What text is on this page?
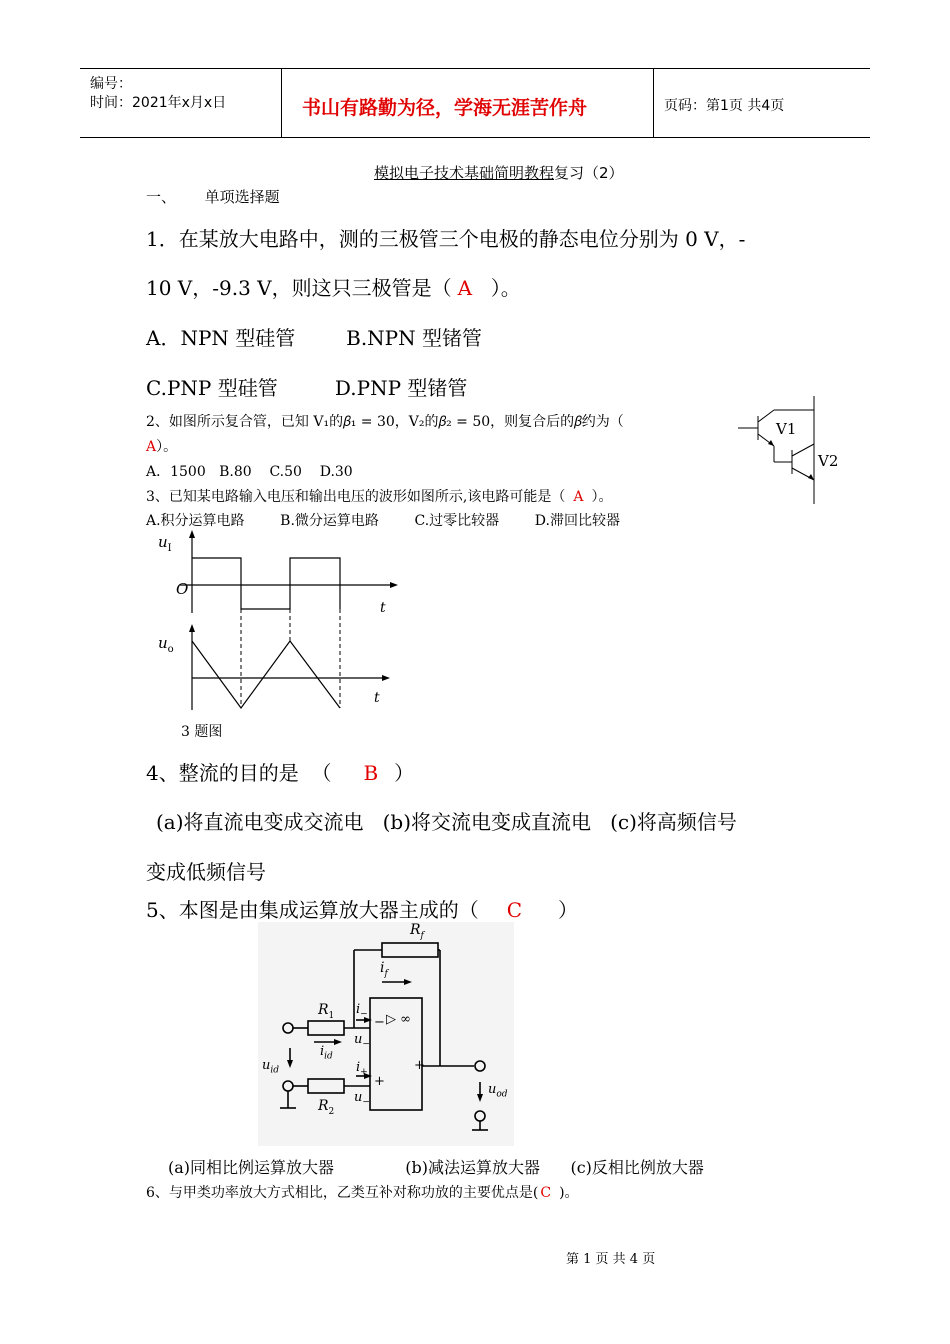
编号：
时间：2021年x月x日	书山有路勤为径，学海无涯苦作舟	页码：第1页 共4页
模拟电子技术基础简明教程复习（2）
一、      单项选择题
1．在某放大电路中，测的三极管三个电极的静态电位分别为 0 V，-
10 V，-9.3 V，则这只三极管是（ A  ）。
A．NPN 型硅管        B.NPN 型锗管
C.PNP 型硅管         D.PNP 型锗管
2、如图所示复合管，已知 V₁的𝛽₁ = 30，V₂的𝛽₂ = 50，则复合后的𝛽约为（
A）。
A．1500   B.80    C.50    D.30
V1
V2
3、已知某电路输入电压和输出电压的波形如图所示,该电路可能是（ A ）。
A.积分运算电路        B.微分运算电路        C.过零比较器        D.滞回比较器
$u_I$
O
t
$u_o$
t
3 题图
4、整流的目的是  （ B ）
(a)将直流电变成交流电   (b)将交流电变成直流电   (c)将高频信号
变成低频信号
5、本图是由集成运算放大器主成的（ C ）
$R_f$
$i_f$
$R_1$ $i_-$
− ▷ ∞
$u_-$
$i_{id}$
$u_{id}$	+
$i_+$
+
$u_{od}$
$u_-$
$R_2$
(a)同相比例运算放大器              (b)减法运算放大器      (c)反相比例放大器
6、与甲类功率放大方式相比，乙类互补对称功放的主要优点是( C )。
第 1 页 共 4 页
